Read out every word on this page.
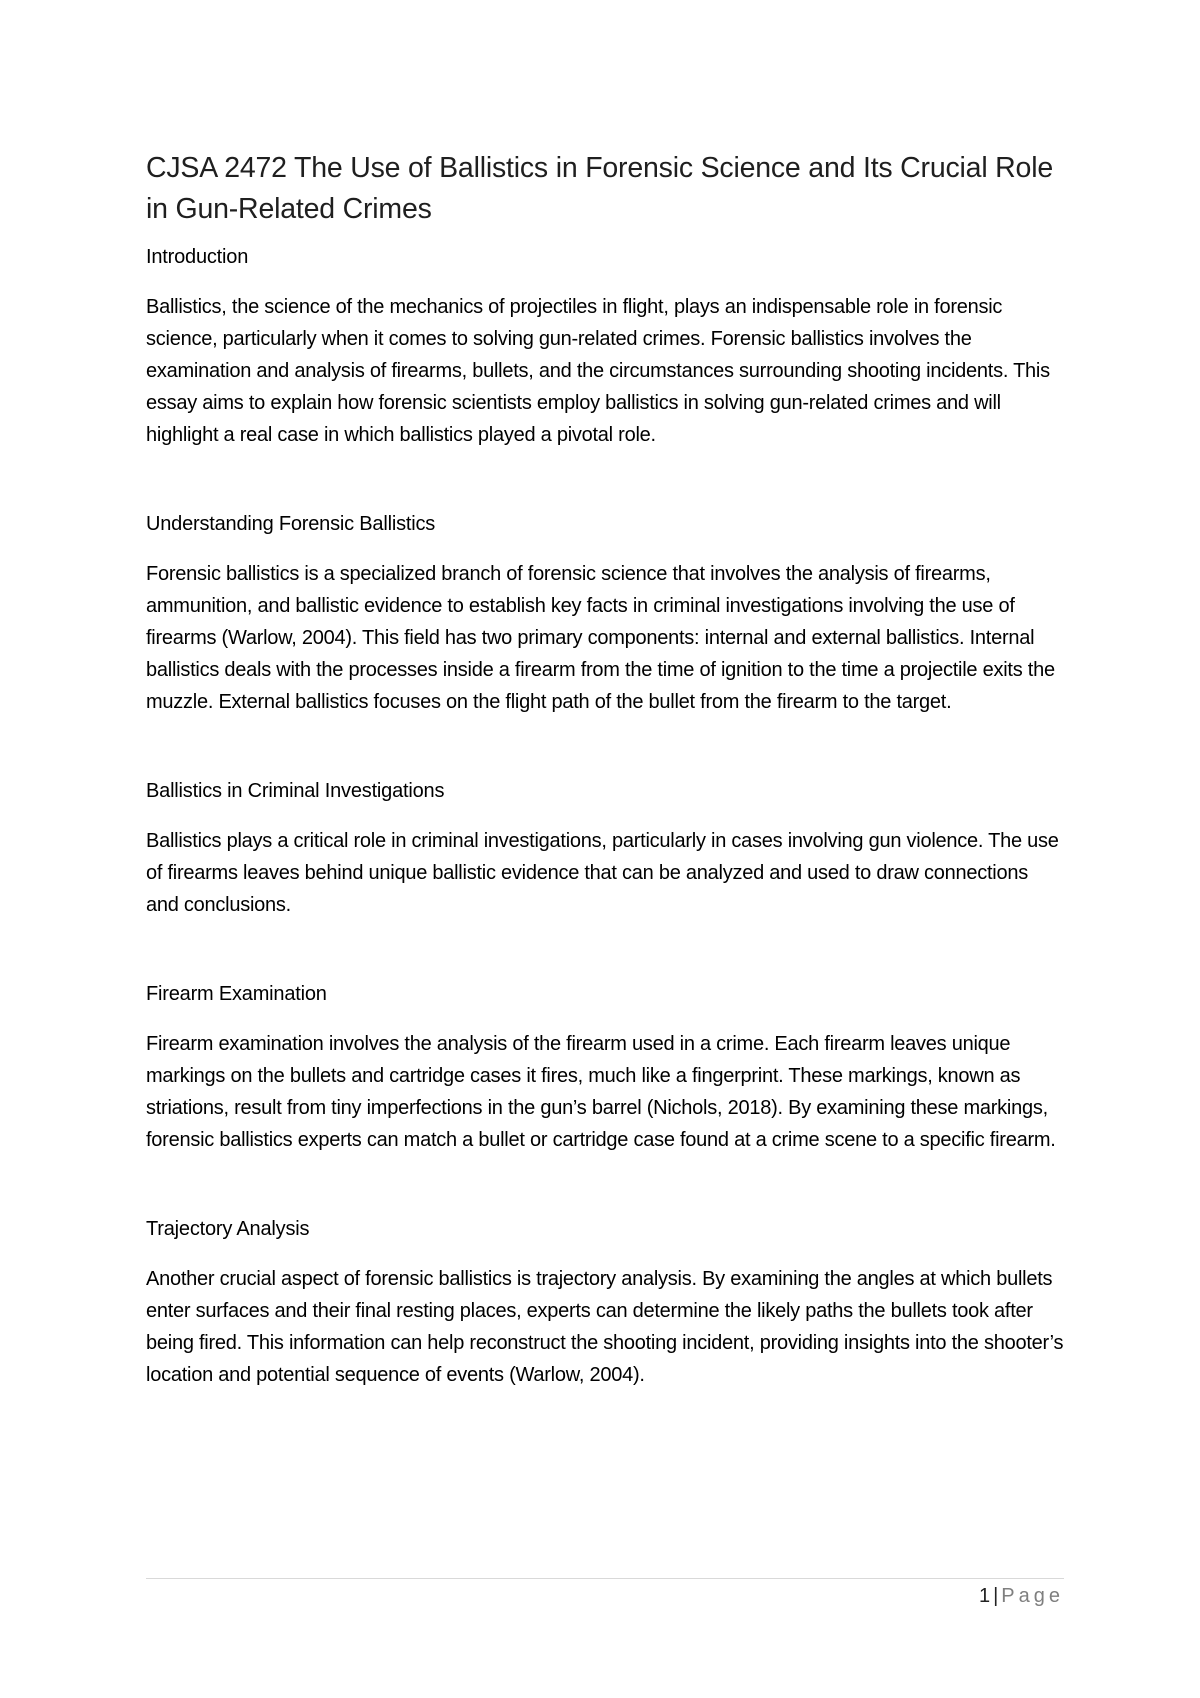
CJSA 2472 The Use of Ballistics in Forensic Science and Its Crucial Role in Gun-Related Crimes
Introduction

Ballistics, the science of the mechanics of projectiles in flight, plays an indispensable role in forensic science, particularly when it comes to solving gun-related crimes. Forensic ballistics involves the examination and analysis of firearms, bullets, and the circumstances surrounding shooting incidents. This essay aims to explain how forensic scientists employ ballistics in solving gun-related crimes and will highlight a real case in which ballistics played a pivotal role.

Understanding Forensic Ballistics

Forensic ballistics is a specialized branch of forensic science that involves the analysis of firearms, ammunition, and ballistic evidence to establish key facts in criminal investigations involving the use of firearms (Warlow, 2004). This field has two primary components: internal and external ballistics. Internal ballistics deals with the processes inside a firearm from the time of ignition to the time a projectile exits the muzzle. External ballistics focuses on the flight path of the bullet from the firearm to the target.

Ballistics in Criminal Investigations

Ballistics plays a critical role in criminal investigations, particularly in cases involving gun violence. The use of firearms leaves behind unique ballistic evidence that can be analyzed and used to draw connections and conclusions.

Firearm Examination

Firearm examination involves the analysis of the firearm used in a crime. Each firearm leaves unique markings on the bullets and cartridge cases it fires, much like a fingerprint. These markings, known as striations, result from tiny imperfections in the gun’s barrel (Nichols, 2018). By examining these markings, forensic ballistics experts can match a bullet or cartridge case found at a crime scene to a specific firearm.

Trajectory Analysis

Another crucial aspect of forensic ballistics is trajectory analysis. By examining the angles at which bullets enter surfaces and their final resting places, experts can determine the likely paths the bullets took after being fired. This information can help reconstruct the shooting incident, providing insights into the shooter’s location and potential sequence of events (Warlow, 2004).

1 | Page
